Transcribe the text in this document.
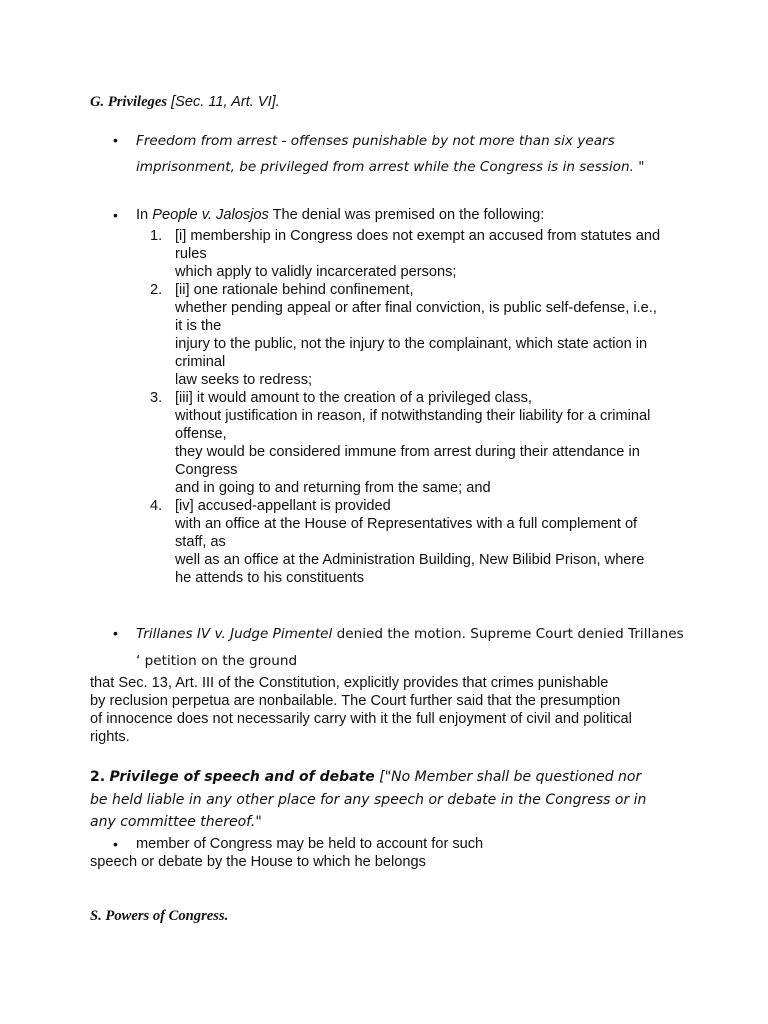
G. Privileges [Sec. 11, Art. VI].
• Freedom from arrest - offenses punishable by not more than six years
imprisonment, be privileged from arrest while the Congress is in session. "
• In People v. Jalosjos The denial was premised on the following:
1. [i] membership in Congress does not exempt an accused from statutes and
rules
which apply to validly incarcerated persons;
2. [ii] one rationale behind confinement,
whether pending appeal or after final conviction, is public self-defense, i.e.,
it is the
injury to the public, not the injury to the complainant, which state action in
criminal
law seeks to redress;
3. [iii] it would amount to the creation of a privileged class,
without justification in reason, if notwithstanding their liability for a criminal
offense,
they would be considered immune from arrest during their attendance in
Congress
and in going to and returning from the same; and
4. [iv] accused-appellant is provided
with an office at the House of Representatives with a full complement of
staff, as
well as an office at the Administration Building, New Bilibid Prison, where
he attends to his constituents
• Trillanes IV v. Judge Pimentel denied the motion. Supreme Court denied Trillanes
‘ petition on the ground
that Sec. 13, Art. III of the Constitution, explicitly provides that crimes punishable
by reclusion perpetua are nonbailable. The Court further said that the presumption
of innocence does not necessarily carry with it the full enjoyment of civil and political
rights.
2. Privilege of speech and of debate ["No Member shall be questioned nor
be held liable in any other place for any speech or debate in the Congress or in
any committee thereof."
• member of Congress may be held to account for such
speech or debate by the House to which he belongs
S. Powers of Congress.
